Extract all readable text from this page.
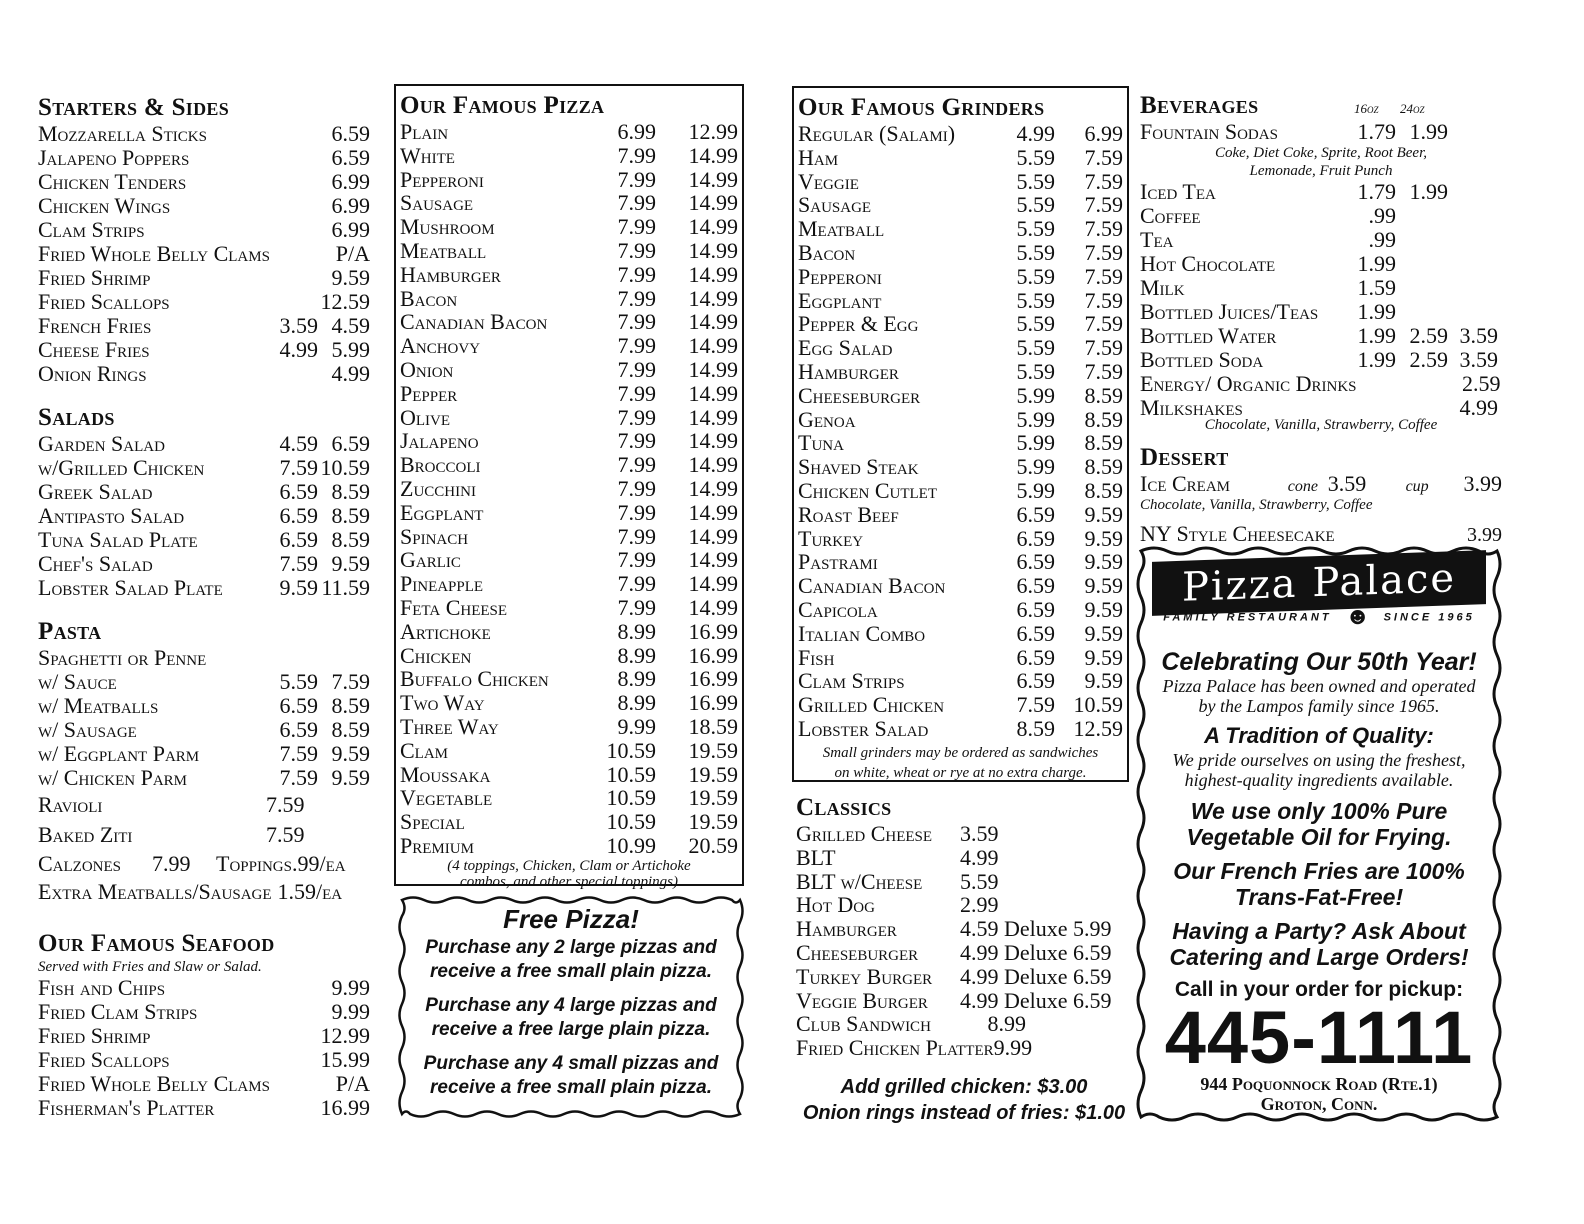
Starters & Sides
Mozzarella Sticks	6.59
Jalapeno Poppers	6.59
Chicken Tenders	6.99
Chicken Wings	6.99
Clam Strips	6.99
Fried Whole Belly Clams	P/A
Fried Shrimp	9.59
Fried Scallops	12.59
French Fries	3.59 4.59
Cheese Fries	4.99 5.99
Onion Rings	4.99
Salads
Garden Salad	4.59 6.59
w/Grilled Chicken	7.59 10.59
Greek Salad	6.59 8.59
Antipasto Salad	6.59 8.59
Tuna Salad Plate	6.59 8.59
Chef's Salad	7.59 9.59
Lobster Salad Plate	9.59 11.59
Pasta
Spaghetti or Penne
w/ Sauce	5.59 7.59
w/ Meatballs	6.59 8.59
w/ Sausage	6.59 8.59
w/ Eggplant Parm	7.59 9.59
w/ Chicken Parm	7.59 9.59
Ravioli	7.59
Baked Ziti	7.59
Calzones	7.99	Toppings .99/ea
Extra Meatballs/Sausage 1.59/ea
Our Famous Seafood
Served with Fries and Slaw or Salad.
Fish and Chips	9.99
Fried Clam Strips	9.99
Fried Shrimp	12.99
Fried Scallops	15.99
Fried Whole Belly Clams	P/A
Fisherman's Platter	16.99
Our Famous Pizza
Plain	6.99	12.99
White	7.99	14.99
Pepperoni	7.99	14.99
Sausage	7.99	14.99
Mushroom	7.99	14.99
Meatball	7.99	14.99
Hamburger	7.99	14.99
Bacon	7.99	14.99
Canadian Bacon	7.99	14.99
Anchovy	7.99	14.99
Onion	7.99	14.99
Pepper	7.99	14.99
Olive	7.99	14.99
Jalapeno	7.99	14.99
Broccoli	7.99	14.99
Zucchini	7.99	14.99
Eggplant	7.99	14.99
Spinach	7.99	14.99
Garlic	7.99	14.99
Pineapple	7.99	14.99
Feta Cheese	7.99	14.99
Artichoke	8.99	16.99
Chicken	8.99	16.99
Buffalo Chicken	8.99	16.99
Two Way	8.99	16.99
Three Way	9.99	18.59
Clam	10.59	19.59
Moussaka	10.59	19.59
Vegetable	10.59	19.59
Special	10.59	19.59
Premium	10.99	20.59
(4 toppings, Chicken, Clam or Artichoke
combos, and other special toppings)
Free Pizza!
Purchase any 2 large pizzas and
receive a free small plain pizza.
Purchase any 4 large pizzas and
receive a free large plain pizza.
Purchase any 4 small pizzas and
receive a free small plain pizza.
Our Famous Grinders
Regular (Salami)	4.99	6.99
Ham	5.59	7.59
Veggie	5.59	7.59
Sausage	5.59	7.59
Meatball	5.59	7.59
Bacon	5.59	7.59
Pepperoni	5.59	7.59
Eggplant	5.59	7.59
Pepper & Egg	5.59	7.59
Egg Salad	5.59	7.59
Hamburger	5.59	7.59
Cheeseburger	5.99	8.59
Genoa	5.99	8.59
Tuna	5.99	8.59
Shaved Steak	5.99	8.59
Chicken Cutlet	5.99	8.59
Roast Beef	6.59	9.59
Turkey	6.59	9.59
Pastrami	6.59	9.59
Canadian Bacon	6.59	9.59
Capicola	6.59	9.59
Italian Combo	6.59	9.59
Fish	6.59	9.59
Clam Strips	6.59	9.59
Grilled Chicken	7.59 10.59
Lobster Salad	8.59 12.59
Small grinders may be ordered as sandwiches
on white, wheat or rye at no extra charge.
Classics
Grilled Cheese	3.59
BLT	4.99
BLT w/Cheese	5.59
Hot Dog	2.99
Hamburger	4.59 Deluxe 5.99
Cheeseburger	4.99 Deluxe 6.59
Turkey Burger	4.99 Deluxe 6.59
Veggie Burger	4.99 Deluxe 6.59
Club Sandwich	8.99
Fried Chicken Platter 9.99
Add grilled chicken: $3.00
Onion rings instead of fries: $1.00
Beverages	16oz	24oz
Fountain Sodas	1.79 1.99
Coke, Diet Coke, Sprite, Root Beer,
Lemonade, Fruit Punch
Iced Tea	1.79 1.99
Coffee	.99
Tea	.99
Hot Chocolate	1.99
Milk	1.59
Bottled Juices/Teas	1.99
Bottled Water	1.99 2.59 3.59
Bottled Soda	1.99 2.59 3.59
Energy/ Organic Drinks	2.59
Milkshakes	4.99
Chocolate, Vanilla, Strawberry, Coffee
Dessert
Ice Cream	cone 3.59	cup	3.99
Chocolate, Vanilla, Strawberry, Coffee
NY Style Cheesecake	3.99
Pizza Palace
FAMILY RESTAURANT ☻ SINCE 1965
Celebrating Our 50th Year!
Pizza Palace has been owned and operated
by the Lampos family since 1965.
A Tradition of Quality:
We pride ourselves on using the freshest,
highest-quality ingredients available.
We use only 100% Pure
Vegetable Oil for Frying.
Our French Fries are 100%
Trans-Fat-Free!
Having a Party? Ask About
Catering and Large Orders!
Call in your order for pickup:
445-1111
944 Poquonnock Road (Rte.1)
Groton, Conn.
